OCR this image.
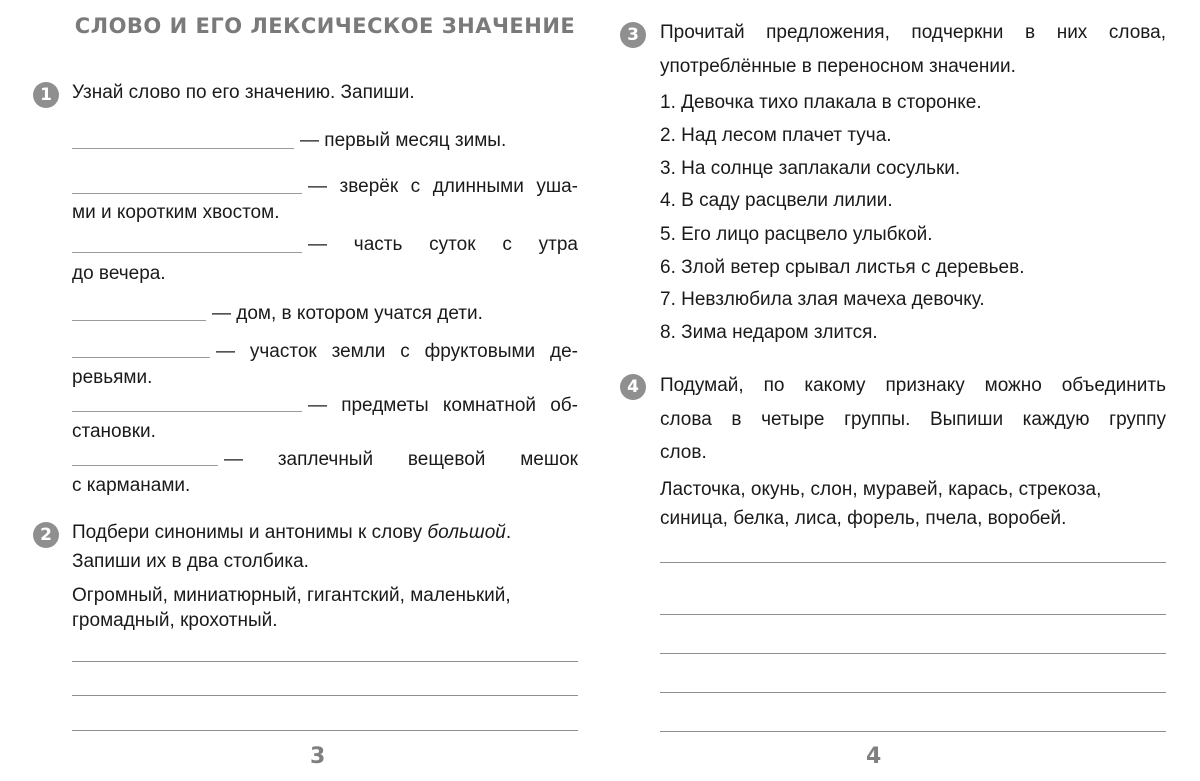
СЛОВО И ЕГО ЛЕКСИЧЕСКОЕ ЗНАЧЕНИЕ
1	Узнай слово по его значению. Запиши.
— первый месяц зимы.
— зверёк с длинными уша-
ми и коротким хвостом.
— часть суток с утра
до вечера.
— дом, в котором учатся дети.
— участок земли с фруктовыми де-
ревьями.
— предметы комнатной об-
становки.
— заплечный вещевой мешок
с карманами.
2	Подбери синонимы и антонимы к слову большой.
Запиши их в два столбика.
Огромный, миниатюрный, гигантский, маленький,
громадный, крохотный.
3
3	Прочитай предложения, подчеркни в них слова,
употреблённые в переносном значении.
1. Девочка тихо плакала в сторонке.
2. Над лесом плачет туча.
3. На солнце заплакали сосульки.
4. В саду расцвели лилии.
5. Его лицо расцвело улыбкой.
6. Злой ветер срывал листья с деревьев.
7. Невзлюбила злая мачеха девочку.
8. Зима недаром злится.
4	Подумай, по какому признаку можно объединить
слова в четыре группы. Выпиши каждую группу
слов.
Ласточка, окунь, слон, муравей, карась, стрекоза,
синица, белка, лиса, форель, пчела, воробей.
4
